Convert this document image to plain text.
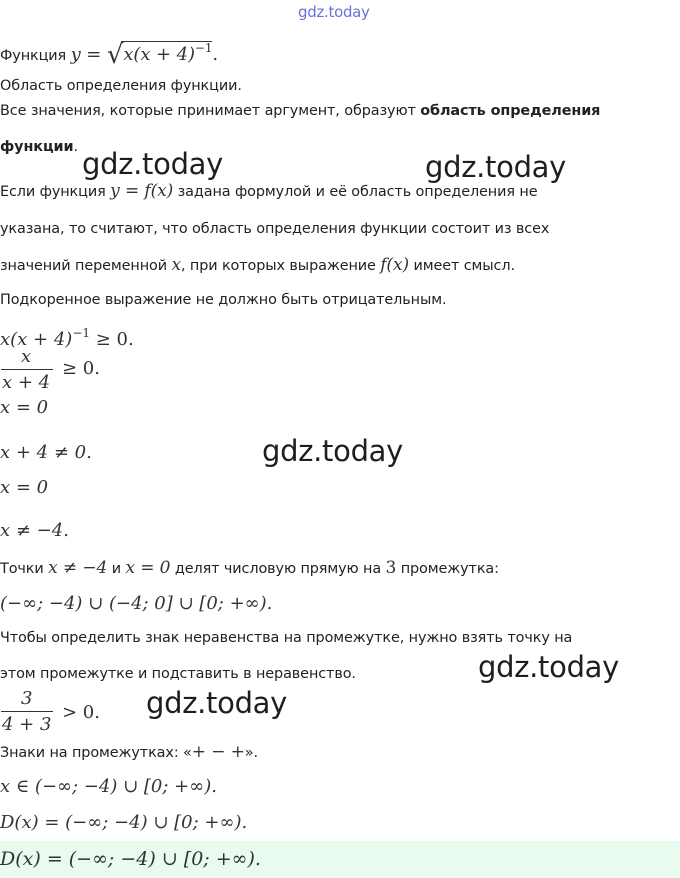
gdz.today
gdz.today	gdz.today
gdz.today
gdz.today
gdz.today
Функция $y = √x(x + 4)^{-1}$.
Область определения функции.
Все значения, которые принимает аргумент, образуют область определения
функции.
Если функция y = f(x) задана формулой и её область определения не
указана, то считают, что область определения функции состоит из всех
значений переменной x, при которых выражение f(x) имеет смысл.
Подкоренное выражение не должно быть отрицательным.
$x(x + 4)^{-1} \ge 0$.
x
x + 4
≥ 0.
x = 0
x + 4 ≠ 0.
x = 0
x ≠ −4.
Точки x ≠ −4 и x = 0 делят числовую прямую на 3 промежутка:
(−∞; −4) ∪ (−4; 0] ∪ [0; +∞).
Чтобы определить знак неравенства на промежутке, нужно взять точку на
этом промежутке и подставить в неравенство.
3
4 + 3
> 0.
Знаки на промежутках: «+ − +».
x ∈ (−∞; −4) ∪ [0; +∞).
D(x) = (−∞; −4) ∪ [0; +∞).
D(x) = (−∞; −4) ∪ [0; +∞).
